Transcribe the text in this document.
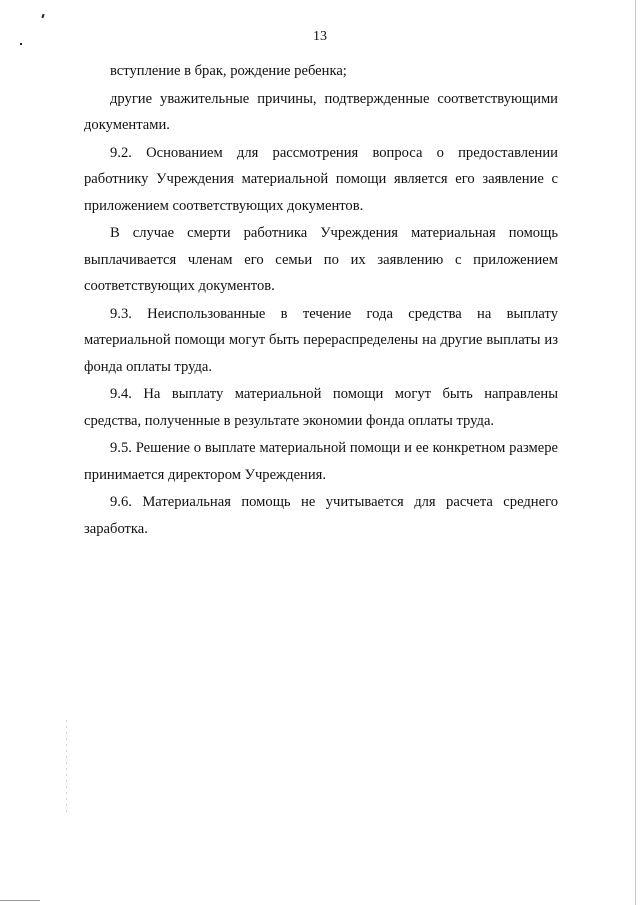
13

вступление в брак, рождение ребенка;

другие уважительные причины, подтвержденные соответствующими документами.

9.2. Основанием для рассмотрения вопроса о предоставлении работнику Учреждения материальной помощи является его заявление с приложением соответствующих документов.

В случае смерти работника Учреждения материальная помощь выплачивается членам его семьи по их заявлению с приложением соответствующих документов.

9.3. Неиспользованные в течение года средства на выплату материальной помощи могут быть перераспределены на другие выплаты из фонда оплаты труда.

9.4. На выплату материальной помощи могут быть направлены средства, полученные в результате экономии фонда оплаты труда.

9.5. Решение о выплате материальной помощи и ее конкретном размере принимается директором Учреждения.

9.6. Материальная помощь не учитывается для расчета среднего заработка.
